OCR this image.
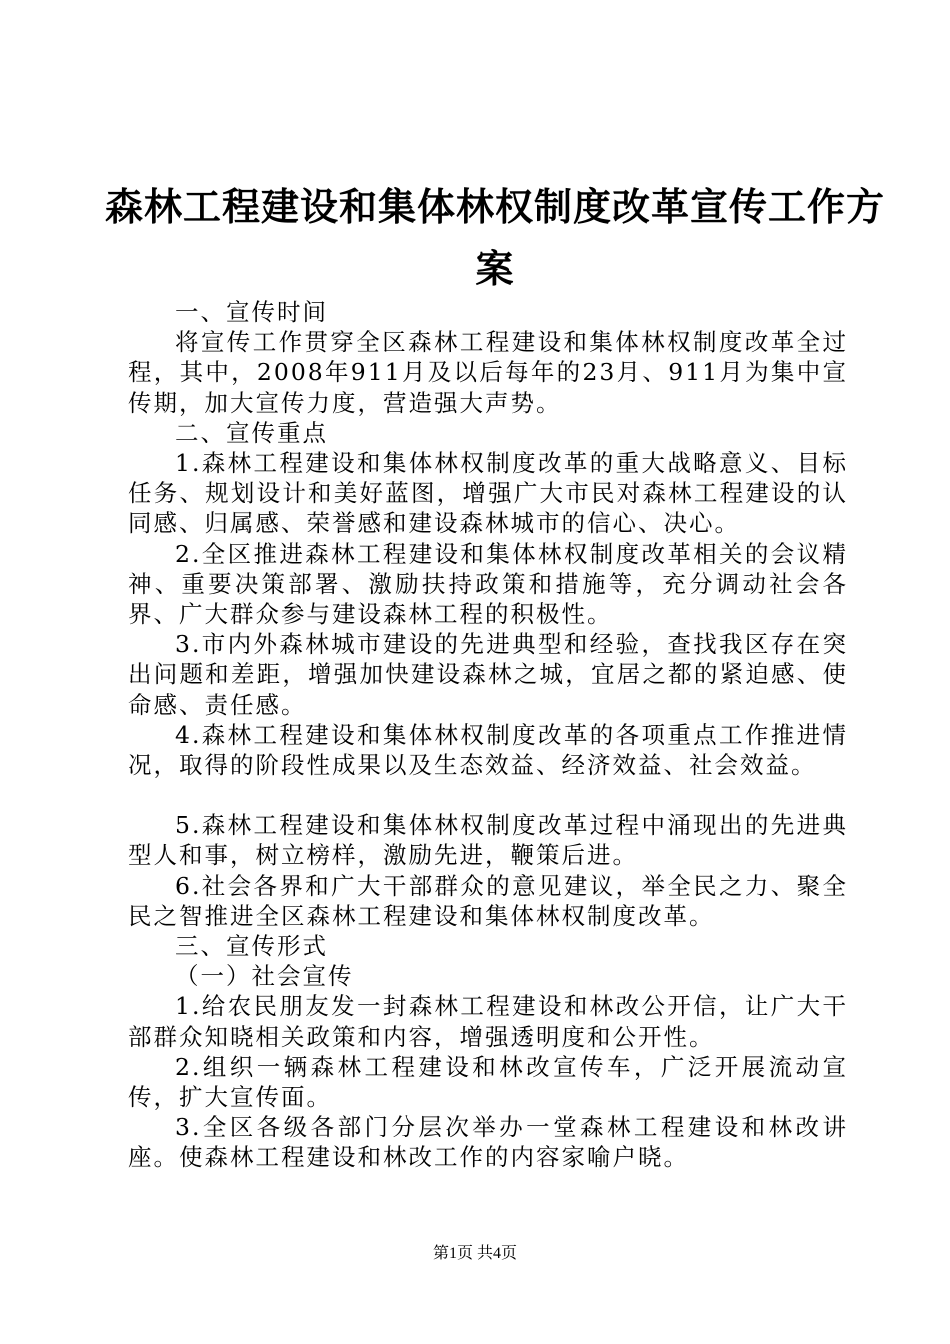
森林工程建设和集体林权制度改革宣传工作方案

一、宣传时间

将宣传工作贯穿全区森林工程建设和集体林权制度改革全过程，其中，2008年911月及以后每年的23月、911月为集中宣传期，加大宣传力度，营造强大声势。

二、宣传重点

1.森林工程建设和集体林权制度改革的重大战略意义、目标任务、规划设计和美好蓝图，增强广大市民对森林工程建设的认同感、归属感、荣誉感和建设森林城市的信心、决心。

2.全区推进森林工程建设和集体林权制度改革相关的会议精神、重要决策部署、激励扶持政策和措施等，充分调动社会各界、广大群众参与建设森林工程的积极性。

3.市内外森林城市建设的先进典型和经验，查找我区存在突出问题和差距，增强加快建设森林之城，宜居之都的紧迫感、使命感、责任感。

4.森林工程建设和集体林权制度改革的各项重点工作推进情况，取得的阶段性成果以及生态效益、经济效益、社会效益。

5.森林工程建设和集体林权制度改革过程中涌现出的先进典型人和事，树立榜样，激励先进，鞭策后进。

6.社会各界和广大干部群众的意见建议，举全民之力、聚全民之智推进全区森林工程建设和集体林权制度改革。

三、宣传形式

（一）社会宣传

1.给农民朋友发一封森林工程建设和林改公开信，让广大干部群众知晓相关政策和内容，增强透明度和公开性。

2.组织一辆森林工程建设和林改宣传车，广泛开展流动宣传，扩大宣传面。

3.全区各级各部门分层次举办一堂森林工程建设和林改讲座。使森林工程建设和林改工作的内容家喻户晓。

第1页 共4页
